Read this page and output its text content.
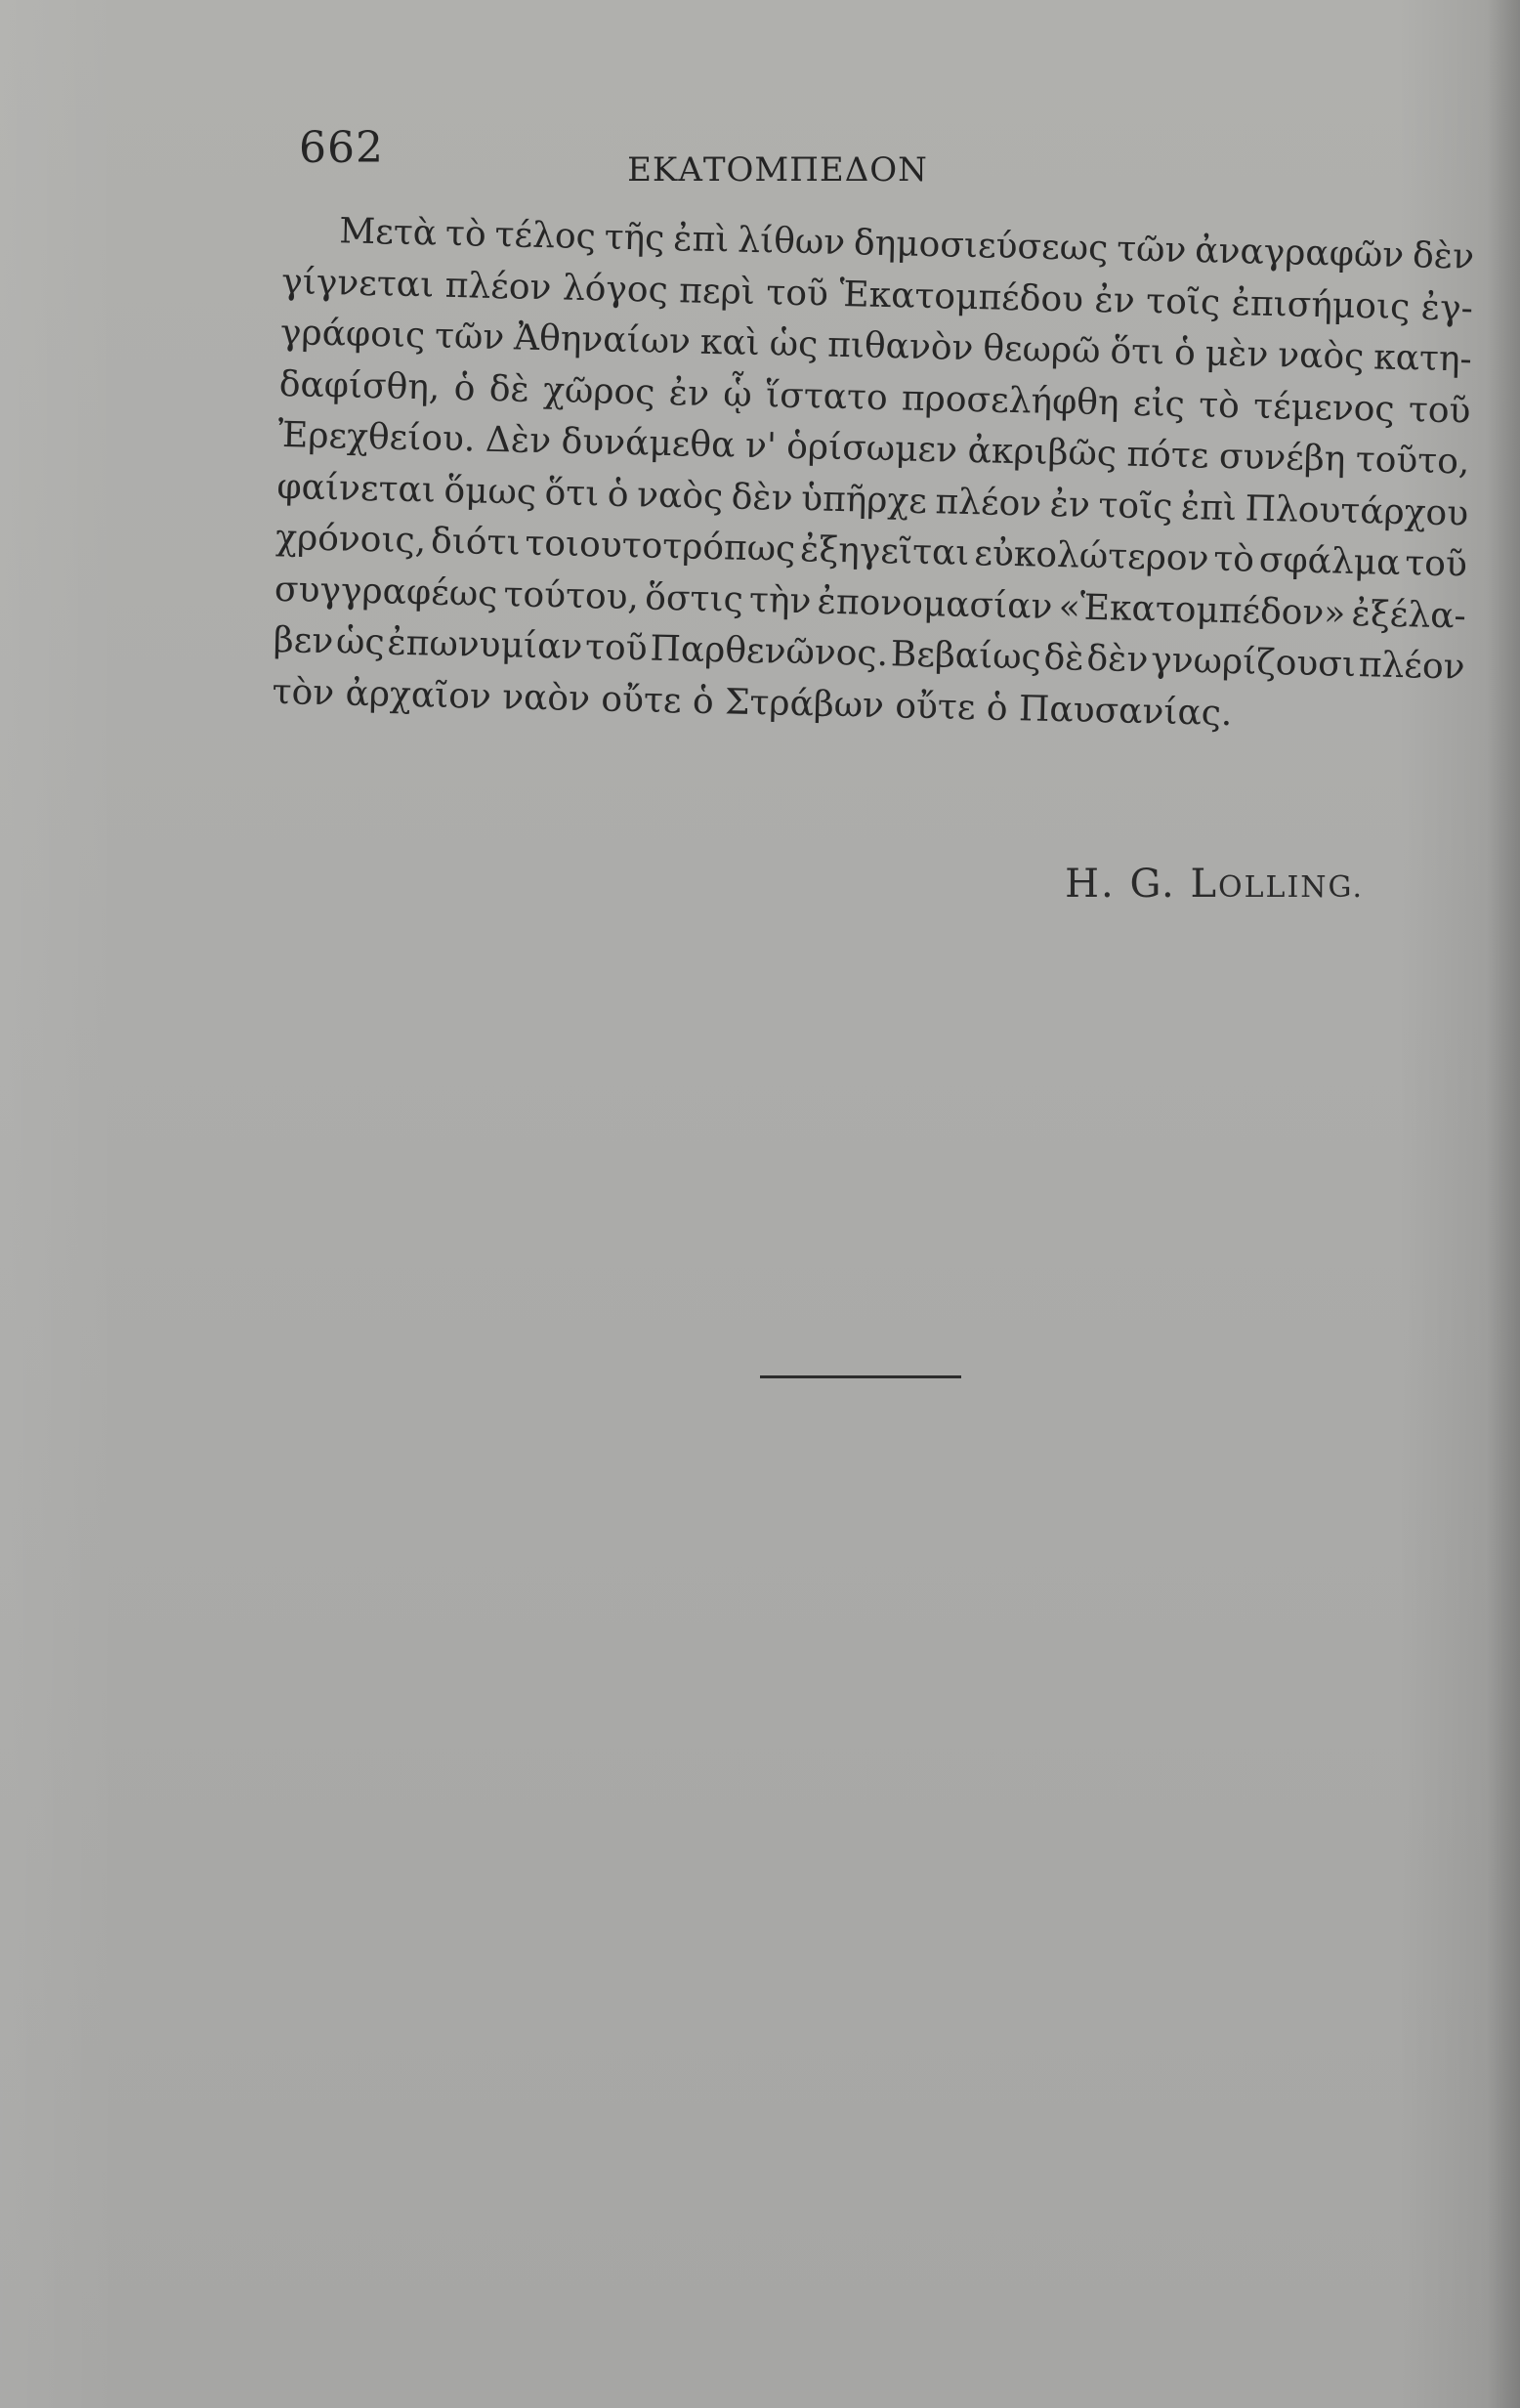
662	ΕΚΑΤΟΜΠΕΔΟΝ
Μετὰ τὸ τέλος τῆς ἐπὶ λίθων δημοσιεύσεως τῶν ἀναγραφῶν δὲν
γίγνεται πλέον λόγος περὶ τοῦ Ἑκατομπέδου ἐν τοῖς ἐπισήμοις ἐγ-
γράφοις τῶν Ἀθηναίων καὶ ὡς πιθανὸν θεωρῶ ὅτι ὁ μὲν ναὸς κατη-
δαφίσθη, ὁ δὲ χῶρος ἐν ᾧ ἵστατο προσελήφθη εἰς τὸ τέμενος τοῦ
Ἐρεχθείου. Δὲν δυνάμεθα ν' ὁρίσωμεν ἀκριβῶς πότε συνέβη τοῦτο,
φαίνεται ὅμως ὅτι ὁ ναὸς δὲν ὑπῆρχε πλέον ἐν τοῖς ἐπὶ Πλουτάρχου
χρόνοις, διότι τοιουτοτρόπως ἐξηγεῖται εὐκολώτερον τὸ σφάλμα τοῦ
συγγραφέως τούτου, ὅστις τὴν ἐπονομασίαν «Ἑκατομπέδον» ἐξέλα-
βεν ὡς ἐπωνυμίαν τοῦ Παρθενῶνος. Βεβαίως δὲ δὲν γνωρίζουσι πλέον
τὸν ἀρχαῖον ναὸν οὔτε ὁ Στράβων οὔτε ὁ Παυσανίας.
H. G. LOLLING.
